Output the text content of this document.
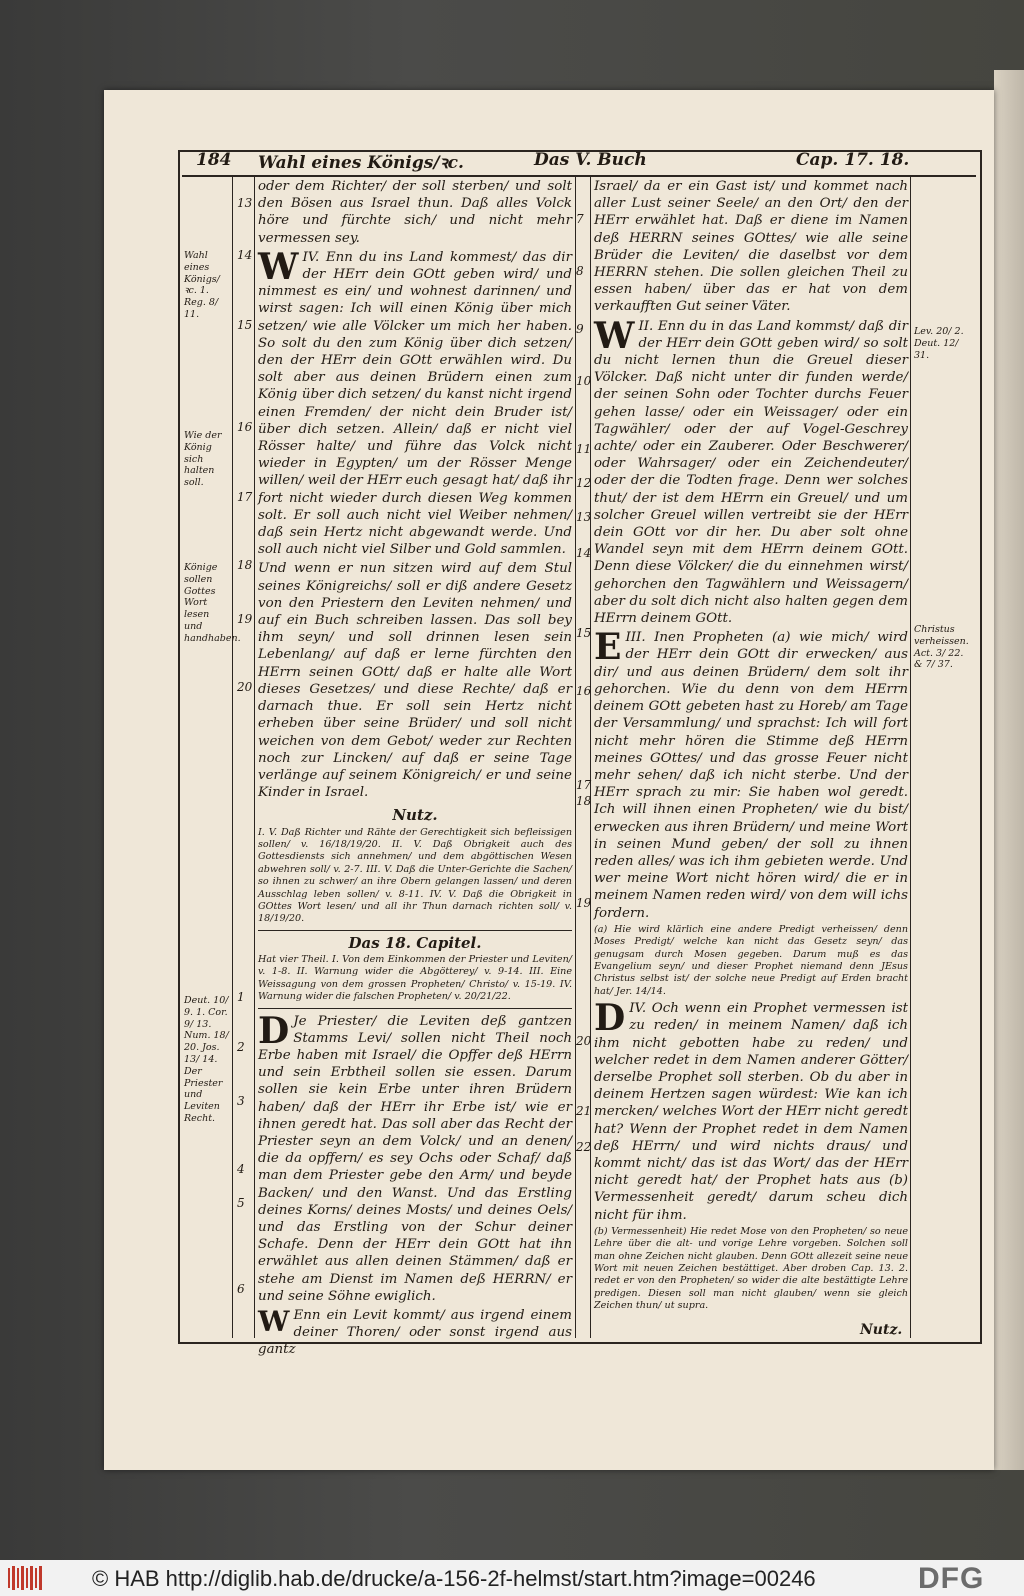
184 Wahl eines Königs/ꝛc.	Das V. Buch	Cap. 17. 18.
Wahl eines Königs/ꝛc. 1. Reg. 8/ 11.
Wie der König sich halten soll.
Könige sollen Gottes Wort lesen und handhaben.
Deut. 10/ 9. 1. Cor. 9/ 13. Num. 18/ 20. Jos. 13/ 14. Der Priester und Leviten Recht.
Lev. 20/ 2. Deut. 12/ 31.
Christus verheissen. Act. 3/ 22. & 7/ 37.
13
14
15
16
17
18
19
20
1
2
3
4
5
6
7
8
9
10
11
12
13
14
15
16
17
18
19
20
21
22

oder dem Richter/ der soll sterben/ und solt den Bösen aus Israel thun. Daß alles Volck höre und fürchte sich/ und nicht mehr vermessen sey.

WIV. Enn du ins Land kommest/ das dir der HErr dein GOtt geben wird/ und nimmest es ein/ und wohnest darinnen/ und wirst sagen: Ich will einen König über mich setzen/ wie alle Völcker um mich her haben. So solt du den zum König über dich setzen/ den der HErr dein GOtt erwählen wird. Du solt aber aus deinen Brüdern einen zum König über dich setzen/ du kanst nicht irgend einen Fremden/ der nicht dein Bruder ist/ über dich setzen. Allein/ daß er nicht viel Rösser halte/ und führe das Volck nicht wieder in Egypten/ um der Rösser Menge willen/ weil der HErr euch gesagt hat/ daß ihr fort nicht wieder durch diesen Weg kommen solt. Er soll auch nicht viel Weiber nehmen/ daß sein Hertz nicht abgewandt werde. Und soll auch nicht viel Silber und Gold sammlen.

Und wenn er nun sitzen wird auf dem Stul seines Königreichs/ soll er diß andere Gesetz von den Priestern den Leviten nehmen/ und auf ein Buch schreiben lassen. Das soll bey ihm seyn/ und soll drinnen lesen sein Lebenlang/ auf daß er lerne fürchten den HErrn seinen GOtt/ daß er halte alle Wort dieses Gesetzes/ und diese Rechte/ daß er darnach thue. Er soll sein Hertz nicht erheben über seine Brüder/ und soll nicht weichen von dem Gebot/ weder zur Rechten noch zur Lincken/ auf daß er seine Tage verlänge auf seinem Königreich/ er und seine Kinder in Israel.

Nutz.

I. V. Daß Richter und Rähte der Gerechtigkeit sich befleissigen sollen/ v. 16/18/19/20. II. V. Daß Obrigkeit auch des Gottesdiensts sich annehmen/ und dem abgöttischen Wesen abwehren soll/ v. 2-7. III. V. Daß die Unter-Gerichte die Sachen/ so ihnen zu schwer/ an ihre Obern gelangen lassen/ und deren Ausschlag leben sollen/ v. 8-11. IV. V. Daß die Obrigkeit in GOttes Wort lesen/ und all ihr Thun darnach richten soll/ v. 18/19/20.

Das 18. Capitel.

Hat vier Theil. I. Von dem Einkommen der Priester und Leviten/ v. 1-8. II. Warnung wider die Abgötterey/ v. 9-14. III. Eine Weissagung von dem grossen Propheten/ Christo/ v. 15-19. IV. Warnung wider die falschen Propheten/ v. 20/21/22.

D Je Priester/ die Leviten deß gantzen Stamms Levi/ sollen nicht Theil noch Erbe haben mit Israel/ die Opffer deß HErrn und sein Erbtheil sollen sie essen. Darum sollen sie kein Erbe unter ihren Brüdern haben/ daß der HErr ihr Erbe ist/ wie er ihnen geredt hat. Das soll aber das Recht der Priester seyn an dem Volck/ und an denen/ die da opffern/ es sey Ochs oder Schaf/ daß man dem Priester gebe den Arm/ und beyde Backen/ und den Wanst. Und das Erstling deines Korns/ deines Mosts/ und deines Oels/ und das Erstling von der Schur deiner Schafe. Denn der HErr dein GOtt hat ihn erwählet aus allen deinen Stämmen/ daß er stehe am Dienst im Namen deß HERRN/ er und seine Söhne ewiglich.

W Enn ein Levit kommt/ aus irgend einem deiner Thoren/ oder sonst irgend aus gantz

Israel/ da er ein Gast ist/ und kommet nach aller Lust seiner Seele/ an den Ort/ den der HErr erwählet hat. Daß er diene im Namen deß HERRN seines GOttes/ wie alle seine Brüder die Leviten/ die daselbst vor dem HERRN stehen. Die sollen gleichen Theil zu essen haben/ über das er hat von dem verkaufften Gut seiner Väter.

WII. Enn du in das Land kommst/ daß dir der HErr dein GOtt geben wird/ so solt du nicht lernen thun die Greuel dieser Völcker. Daß nicht unter dir funden werde/ der seinen Sohn oder Tochter durchs Feuer gehen lasse/ oder ein Weissager/ oder ein Tagwähler/ oder der auf Vogel-Geschrey achte/ oder ein Zauberer. Oder Beschwerer/ oder Wahrsager/ oder ein Zeichendeuter/ oder der die Todten frage. Denn wer solches thut/ der ist dem HErrn ein Greuel/ und um solcher Greuel willen vertreibt sie der HErr dein GOtt vor dir her. Du aber solt ohne Wandel seyn mit dem HErrn deinem GOtt. Denn diese Völcker/ die du einnehmen wirst/ gehorchen den Tagwählern und Weissagern/ aber du solt dich nicht also halten gegen dem HErrn deinem GOtt.

EIII. Inen Propheten (a) wie mich/ wird der HErr dein GOtt dir erwecken/ aus dir/ und aus deinen Brüdern/ dem solt ihr gehorchen. Wie du denn von dem HErrn deinem GOtt gebeten hast zu Horeb/ am Tage der Versammlung/ und sprachst: Ich will fort nicht mehr hören die Stimme deß HErrn meines GOttes/ und das grosse Feuer nicht mehr sehen/ daß ich nicht sterbe. Und der HErr sprach zu mir: Sie haben wol geredt. Ich will ihnen einen Propheten/ wie du bist/ erwecken aus ihren Brüdern/ und meine Wort in seinen Mund geben/ der soll zu ihnen reden alles/ was ich ihm gebieten werde. Und wer meine Wort nicht hören wird/ die er in meinem Namen reden wird/ von dem will ichs fordern.

(a) Hie wird klärlich eine andere Predigt verheissen/ denn Moses Predigt/ welche kan nicht das Gesetz seyn/ das genugsam durch Mosen gegeben. Darum muß es das Evangelium seyn/ und dieser Prophet niemand denn JEsus Christus selbst ist/ der solche neue Predigt auf Erden bracht hat/ Jer. 14/14.

DIV. Och wenn ein Prophet vermessen ist zu reden/ in meinem Namen/ daß ich ihm nicht gebotten habe zu reden/ und welcher redet in dem Namen anderer Götter/ derselbe Prophet soll sterben. Ob du aber in deinem Hertzen sagen würdest: Wie kan ich mercken/ welches Wort der HErr nicht geredt hat? Wenn der Prophet redet in dem Namen deß HErrn/ und wird nichts draus/ und kommt nicht/ das ist das Wort/ das der HErr nicht geredt hat/ der Prophet hats aus (b) Vermessenheit geredt/ darum scheu dich nicht für ihm.

(b) Vermessenheit) Hie redet Mose von den Propheten/ so neue Lehre über die alt- und vorige Lehre vorgeben. Solchen soll man ohne Zeichen nicht glauben. Denn GOtt allezeit seine neue Wort mit neuen Zeichen bestättiget. Aber droben Cap. 13. 2. redet er von den Propheten/ so wider die alte bestättigte Lehre predigen. Diesen soll man nicht glauben/ wenn sie gleich Zeichen thun/ ut supra.

Nutz.
© HAB http://diglib.hab.de/drucke/a-156-2f-helmst/start.htm?image=00246	DFG
